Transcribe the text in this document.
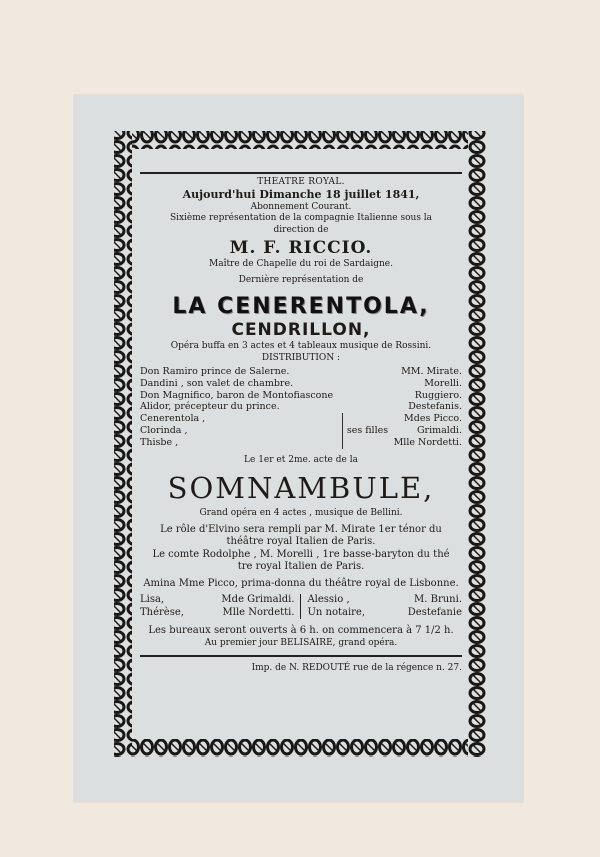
THEATRE ROYAL.
Aujourd'hui Dimanche 18 juillet 1841,
Abonnement Courant.
Sixième représentation de la compagnie Italienne sous la
direction de
M. F. RICCIO.
Maître de Chapelle du roi de Sardaigne.
Dernière représentation de
LA CENERENTOLA,
CENDRILLON,
Opéra buffa en 3 actes et 4 tableaux musique de Rossini.
DISTRIBUTION :
Don Ramiro prince de Salerne.		MM. Mirate.
Dandini , son valet de chambre.		Morelli.
Don Magnifico, baron de Montofiascone		Ruggiero.
Alidor, précepteur du prince.		Destefanis.
Cenerentola ,		Mdes Picco.
Clorinda ,	ses filles	Grimaldi.
Thisbe ,		Mlle Nordetti.
Le 1er et 2me. acte de la
SOMNAMBULE,
Grand opéra en 4 actes , musique de Bellini.
Le rôle d'Elvino sera rempli par M. Mirate 1er ténor du
théâtre royal Italien de Paris.
Le comte Rodolphe , M. Morelli , 1re basse-baryton du thé
tre royal Italien de Paris.
Amina Mme Picco, prima-donna du théâtre royal de Lisbonne.
Lisa,	Mde Grimaldi.
Thérèse,	Mlle Nordetti.
Alessio ,	M. Bruni.
Un notaire,	Destefanie
Les bureaux seront ouverts à 6 h. on commencera à 7 1/2 h.
Au premier jour BELISAIRE, grand opéra.
Imp. de N. REDOUTÉ rue de la régence n. 27.
